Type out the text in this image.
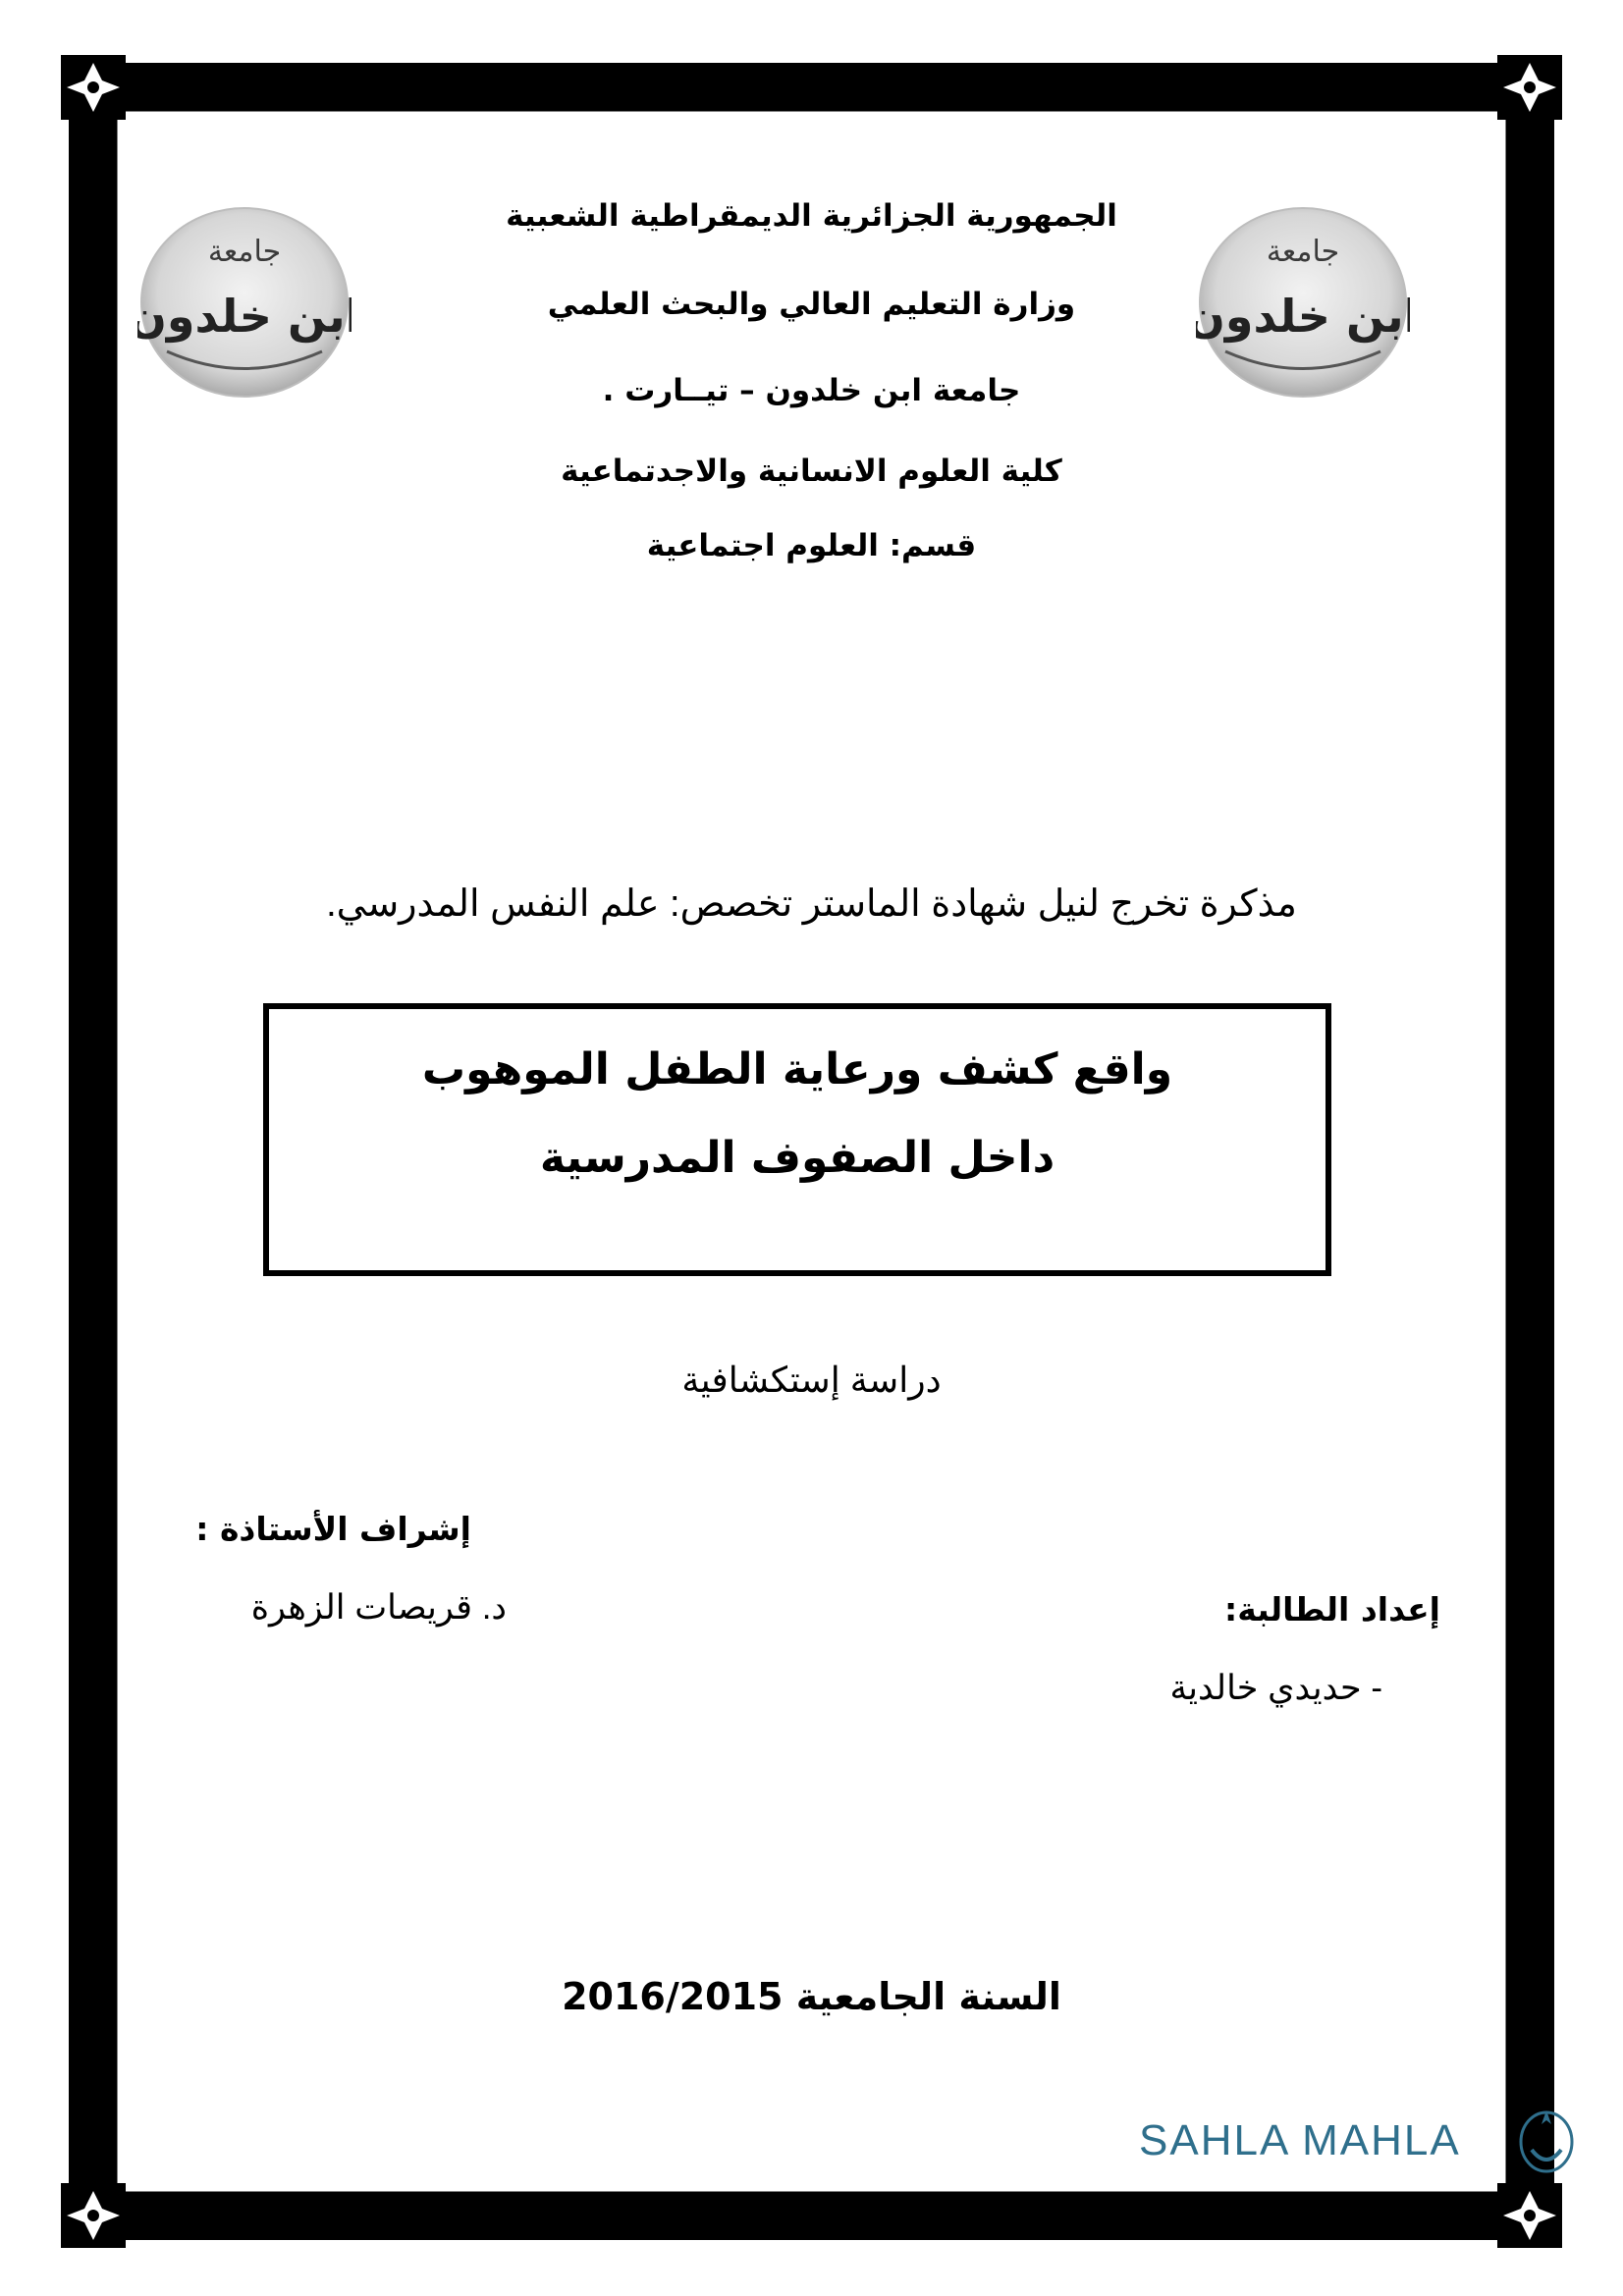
جامعة
ابن خلدون
جامعة
ابن خلدون
الجمهورية الجزائرية الديمقراطية الشعبية
وزارة التعليم العالي والبحث العلمي
جامعة ابن خلدون – تيــارت .
كلية العلوم الانسانية والاجدتماعية
قسم: العلوم اجتماعية
مذكرة تخرج لنيل شهادة الماستر تخصص: علم النفس المدرسي.
واقع كشف ورعاية الطفل الموهوب
داخل الصفوف المدرسية
دراسة إستكشافية
إشراف الأستاذة :
د. قريصات الزهرة	إعداد الطالبة:
- حديدي خالدية
السنة الجامعية 2016/2015
SAHLA MAHLA
